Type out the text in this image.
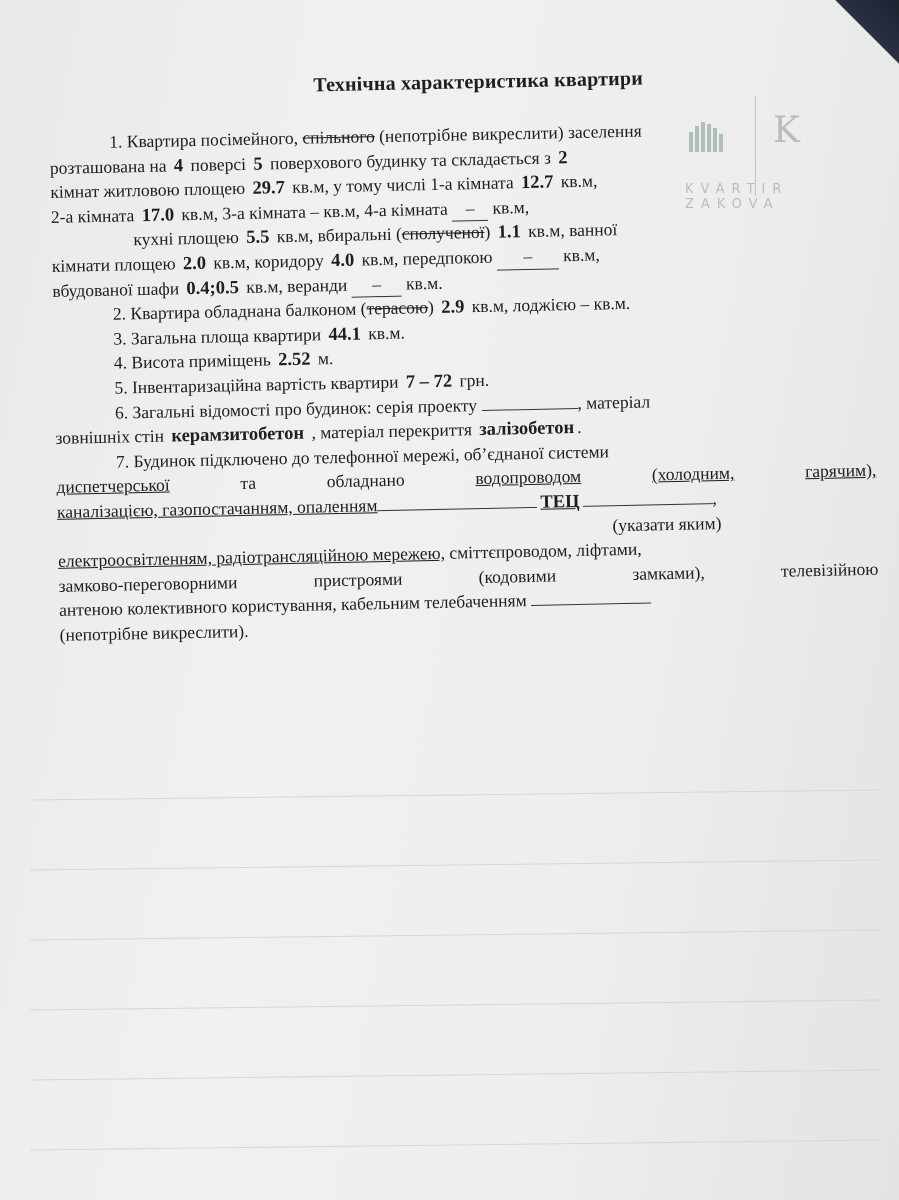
K
KVARTIR ZAKOVA
Технічна характеристика квартири
1. Квартира посімейного, спільного (непотрібне викреслити) заселення
розташована на 4 поверсі 5 поверхового будинку та складається з 2
кімнат житловою площею 29.7 кв.м, у тому числі 1-а кімната 12.7 кв.м,
2-а кімната 17.0 кв.м, 3-а кімната – кв.м, 4-а кімната – кв.м,
кухні площею 5.5 кв.м, вбиральні (сполученої) 1.1 кв.м, ванної
кімнати площею 2.0 кв.м, коридору 4.0 кв.м, передпокою – кв.м,
вбудованої шафи 0.4;0.5 кв.м, веранди – кв.м.
2. Квартира обладнана балконом (терасою) 2.9 кв.м, лоджією – кв.м.
3. Загальна площа квартири 44.1 кв.м.
4. Висота приміщень 2.52 м.
5. Інвентаризаційна вартість квартири 7 – 72 грн.
6. Загальні відомості про будинок: серія проекту	, матеріал
зовнішніх стін керамзитобетон , матеріал перекриття залізобетон .
7. Будинок підключено до телефонної мережі, об’єднаної системи
диспетчерської	та	обладнано	водопроводом	(холодним,	гарячим),
каналізацією, газопостачанням, опаленням	ТЕЦ	,
(указати яким)
електроосвітленням, радіотрансляційною мережею, сміттєпроводом, ліфтами,
замково-переговорними	пристроями	(кодовими	замками),	телевізійною
антеною колективного користування, кабельним телебаченням
(непотрібне викреслити).
